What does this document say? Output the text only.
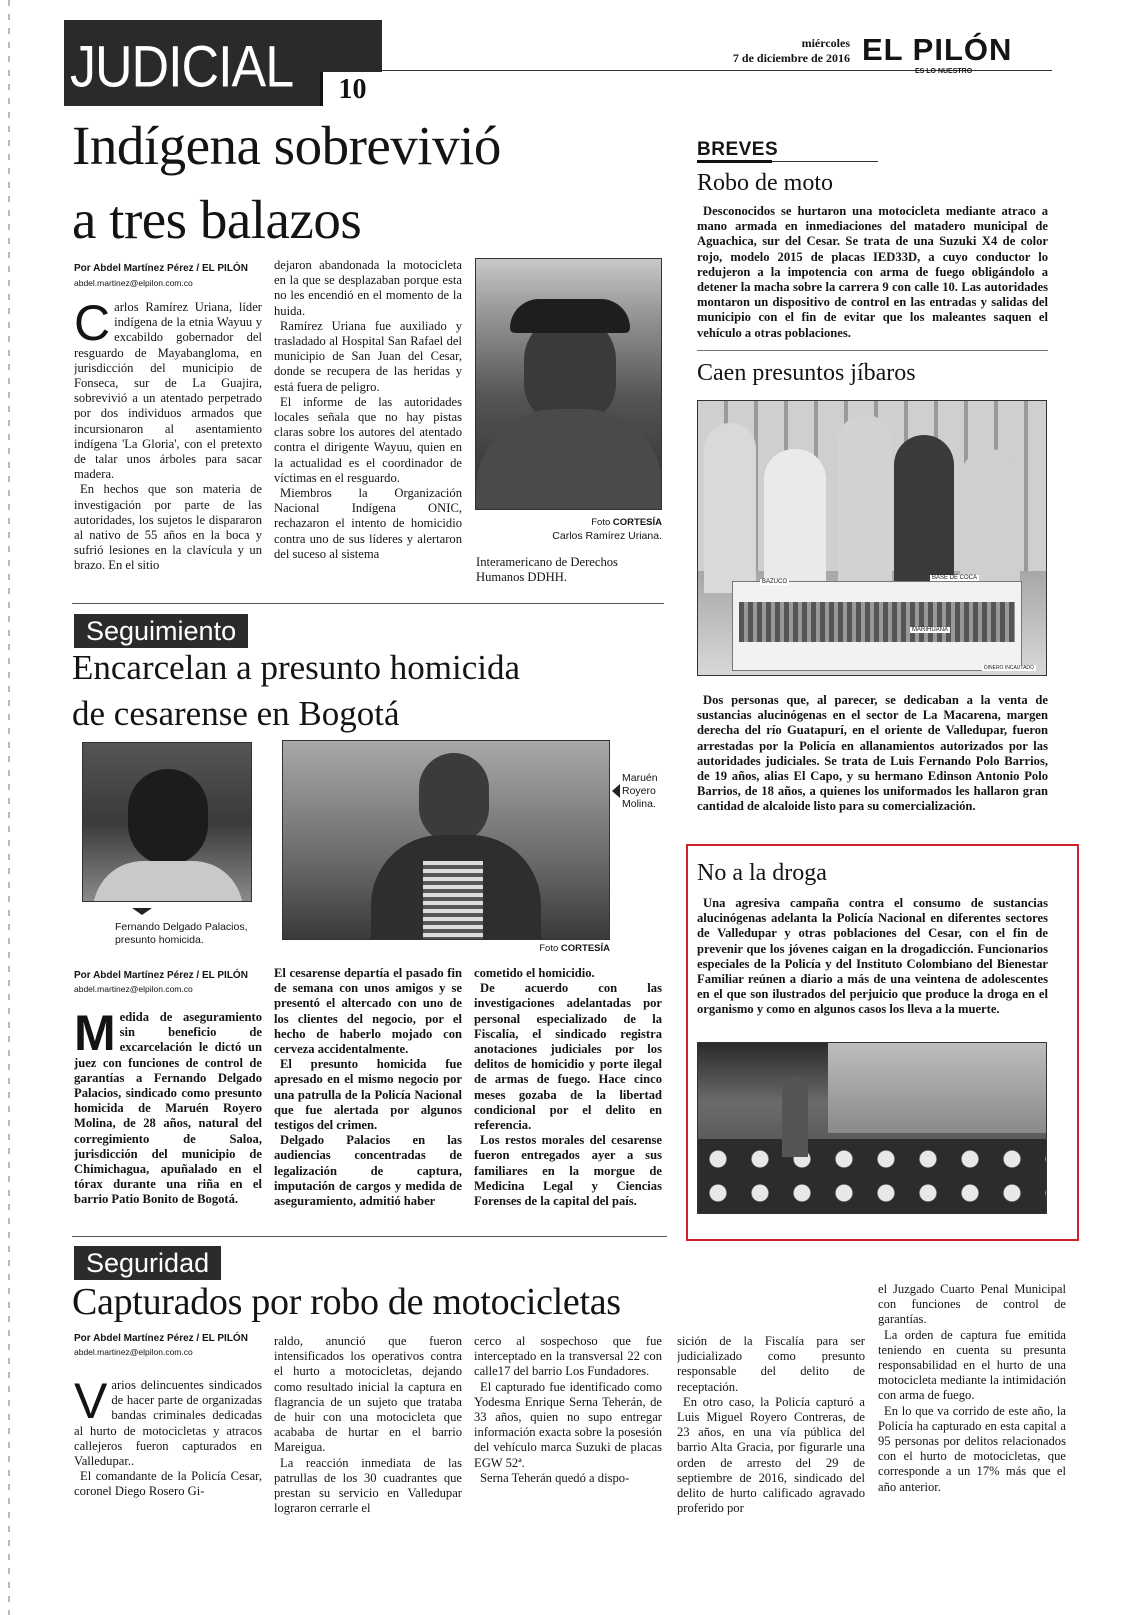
JUDICIAL	10
miércoles
7 de diciembre de 2016 EL PILÓN
ES LO NUESTRO
Indígena sobrevivió
a tres balazos
Por Abdel Martínez Pérez / EL PILÓN
abdel.martinez@elpilon.com.co
C arlos Ramírez Uriana, líder indígena de la etnia Wayuu y excabildo gobernador del resguardo de Mayabangloma, en jurisdicción del municipio de Fonseca, sur de La Guajira, sobrevivió a un atentado perpetrado por dos individuos armados que incursionaron al asentamiento indígena 'La Gloria', con el pretexto de talar unos árboles para sacar madera.

En hechos que son materia de investigación por parte de las autoridades, los sujetos le dispararon al nativo de 55 años en la boca y sufrió lesiones en la clavícula y un brazo. En el sitio

dejaron abandonada la motocicleta en la que se desplazaban porque esta no les encendió en el momento de la huida.

Ramírez Uriana fue auxiliado y trasladado al Hospital San Rafael del municipio de San Juan del Cesar, donde se recupera de las heridas y está fuera de peligro.

El informe de las autoridades locales señala que no hay pistas claras sobre los autores del atentado contra el dirigente Wayuu, quien en la actualidad es el coordinador de víctimas en el resguardo.

Miembros la Organización Nacional Indígena ONIC, rechazaron el intento de homicidio contra uno de sus líderes y alertaron del suceso al sistema

Foto CORTESÍA
Carlos Ramírez Uriana.
Interamericano de Derechos Humanos DDHH.
Seguimiento
Encarcelan a presunto homicida
de cesarense en Bogotá
Fernando Delgado Palacios, presunto homicida.
Foto CORTESÍA
Maruén Royero Molina.
Por Abdel Martínez Pérez / EL PILÓN
abdel.martinez@elpilon.com.co
M edida de aseguramiento sin beneficio de excarcelación le dictó un juez con funciones de control de garantías a Fernando Delgado Palacios, sindicado como presunto homicida de Maruén Royero Molina, de 28 años, natural del corregimiento de Saloa, jurisdicción del municipio de Chimichagua, apuñalado en el tórax durante una riña en el barrio Patio Bonito de Bogotá.

El cesarense departía el pasado fin de semana con unos amigos y se presentó el altercado con uno de los clientes del negocio, por el hecho de haberlo mojado con cerveza accidentalmente.

El presunto homicida fue apresado en el mismo negocio por una patrulla de la Policía Nacional que fue alertada por algunos testigos del crimen.

Delgado Palacios en las audiencias concentradas de legalización de captura, imputación de cargos y medida de aseguramiento, admitió haber

cometido el homicidio.

De acuerdo con las investigaciones adelantadas por personal especializado de la Fiscalía, el sindicado registra anotaciones judiciales por los delitos de homicidio y porte ilegal de armas de fuego. Hace cinco meses gozaba de la libertad condicional por el delito en referencia.

Los restos morales del cesarense fueron entregados ayer a sus familiares en la morgue de Medicina Legal y Ciencias Forenses de la capital del país.

BREVES
Robo de moto
Desconocidos se hurtaron una motocicleta mediante atraco a mano armada en inmediaciones del matadero municipal de Aguachica, sur del Cesar. Se trata de una Suzuki X4 de color rojo, modelo 2015 de placas IED33D, a cuyo conductor lo redujeron a la impotencia con arma de fuego obligándolo a detener la macha sobre la carrera 9 con calle 10. Las autoridades montaron un dispositivo de control en las entradas y salidas del municipio con el fin de evitar que los maleantes saquen el vehículo a otras poblaciones.
Caen presuntos jíbaros
BAZUCO
BASE DE COCA
MARIHUANA
DINERO INCAUTADO
Dos personas que, al parecer, se dedicaban a la venta de sustancias alucinógenas en el sector de La Macarena, margen derecha del río Guatapurí, en el oriente de Valledupar, fueron arrestadas por la Policía en allanamientos autorizados por las autoridades judiciales. Se trata de Luis Fernando Polo Barrios, de 19 años, alias El Capo, y su hermano Edinson Antonio Polo Barrios, de 18 años, a quienes los uniformados les hallaron gran cantidad de alcaloide listo para su comercialización.
No a la droga
Una agresiva campaña contra el consumo de sustancias alucinógenas adelanta la Policía Nacional en diferentes sectores de Valledupar y otras poblaciones del Cesar, con el fin de prevenir que los jóvenes caigan en la drogadicción. Funcionarios especiales de la Policía y del Instituto Colombiano del Bienestar Familiar reúnen a diario a más de una veintena de adolescentes en el que son ilustrados del perjuicio que produce la droga en el organismo y como en algunos casos los lleva a la muerte.
Seguridad
Capturados por robo de motocicletas
Por Abdel Martínez Pérez / EL PILÓN
abdel.martinez@elpilon.com.co
V arios delincuentes sindicados de hacer parte de organizadas bandas criminales dedicadas al hurto de motocicletas y atracos callejeros fueron capturados en Valledupar..

El comandante de la Policía Cesar, coronel Diego Rosero Gi-

raldo, anunció que fueron intensificados los operativos contra el hurto a motocicletas, dejando como resultado inicial la captura en flagrancia de un sujeto que trataba de huir con una motocicleta que acababa de hurtar en el barrio Mareigua.

La reacción inmediata de las patrullas de los 30 cuadrantes que prestan su servicio en Valledupar lograron cerrarle el

cerco al sospechoso que fue interceptado en la transversal 22 con calle17 del barrio Los Fundadores.

El capturado fue identificado como Yodesma Enrique Serna Teherán, de 33 años, quien no supo entregar información exacta sobre la posesión del vehículo marca Suzuki de placas EGW 52ª.

Serna Teherán quedó a dispo-

sición de la Fiscalía para ser judicializado como presunto responsable del delito de receptación.

En otro caso, la Policía capturó a Luis Miguel Royero Contreras, de 23 años, en una vía pública del barrio Alta Gracia, por figurarle una orden de arresto del 29 de septiembre de 2016, sindicado del delito de hurto calificado agravado proferido por

el Juzgado Cuarto Penal Municipal con funciones de control de garantías.

La orden de captura fue emitida teniendo en cuenta su presunta responsabilidad en el hurto de una motocicleta mediante la intimidación con arma de fuego.

En lo que va corrido de este año, la Policía ha capturado en esta capital a 95 personas por delitos relacionados con el hurto de motocicletas, que corresponde a un 17% más que el año anterior.
